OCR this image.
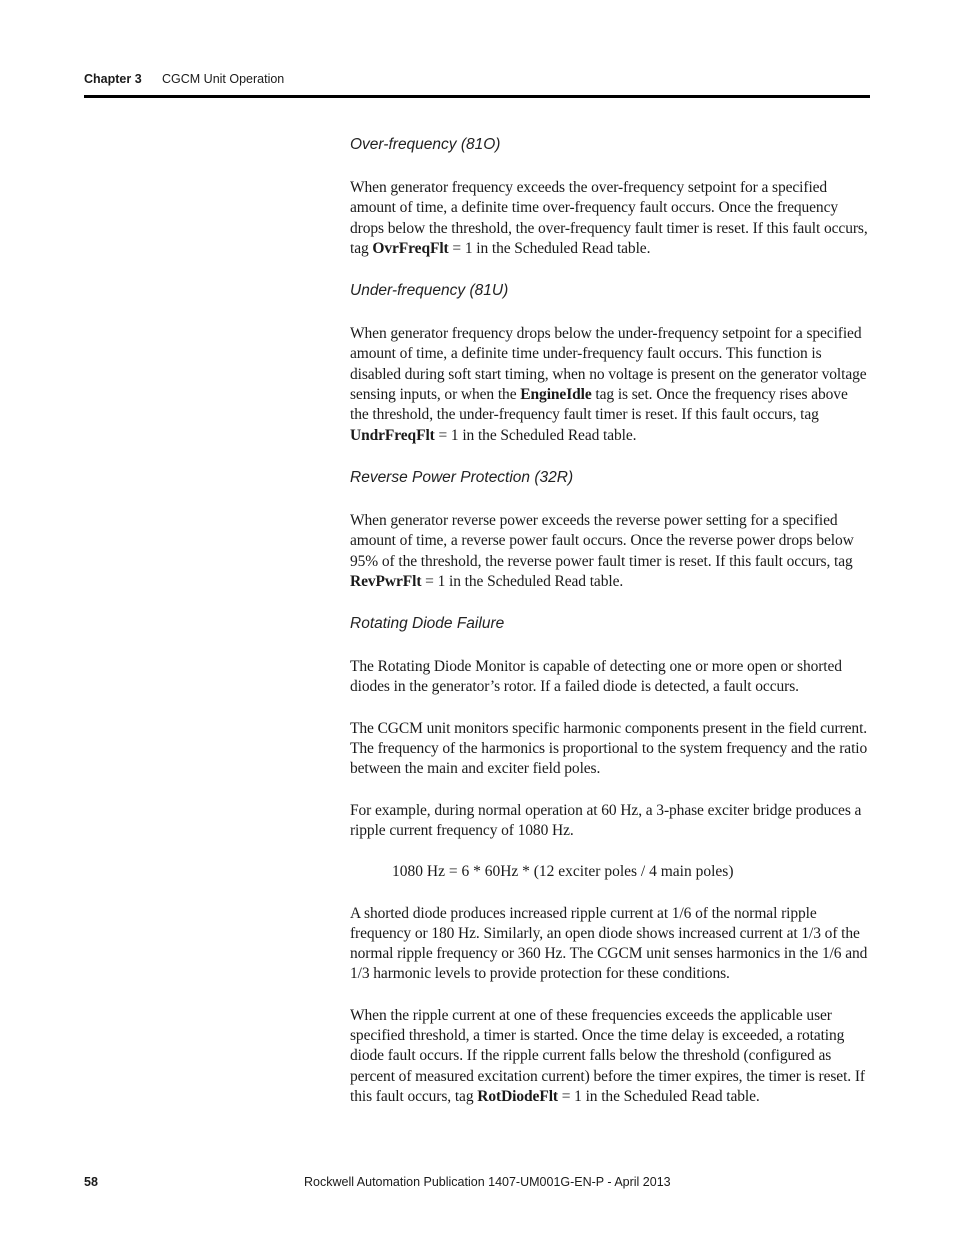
Chapter 3 CGCM Unit Operation
Over-frequency (81O)

When generator frequency exceeds the over-frequency setpoint for a specified amount of time, a definite time over-frequency fault occurs. Once the frequency drops below the threshold, the over-frequency fault timer is reset. If this fault occurs, tag OvrFreqFlt = 1 in the Scheduled Read table.

Under-frequency (81U)

When generator frequency drops below the under-frequency setpoint for a specified amount of time, a definite time under-frequency fault occurs. This function is disabled during soft start timing, when no voltage is present on the generator voltage sensing inputs, or when the EngineIdle tag is set. Once the frequency rises above the threshold, the under-frequency fault timer is reset. If this fault occurs, tag UndrFreqFlt = 1 in the Scheduled Read table.

Reverse Power Protection (32R)

When generator reverse power exceeds the reverse power setting for a specified amount of time, a reverse power fault occurs. Once the reverse power drops below 95% of the threshold, the reverse power fault timer is reset. If this fault occurs, tag RevPwrFlt = 1 in the Scheduled Read table.

Rotating Diode Failure

The Rotating Diode Monitor is capable of detecting one or more open or shorted diodes in the generator’s rotor. If a failed diode is detected, a fault occurs.

The CGCM unit monitors specific harmonic components present in the field current. The frequency of the harmonics is proportional to the system frequency and the ratio between the main and exciter field poles.

For example, during normal operation at 60 Hz, a 3-phase exciter bridge produces a ripple current frequency of 1080 Hz.

1080 Hz = 6 * 60Hz * (12 exciter poles / 4 main poles)

A shorted diode produces increased ripple current at 1/6 of the normal ripple frequency or 180 Hz. Similarly, an open diode shows increased current at 1/3 of the normal ripple frequency or 360 Hz. The CGCM unit senses harmonics in the 1/6 and 1/3 harmonic levels to provide protection for these conditions.

When the ripple current at one of these frequencies exceeds the applicable user specified threshold, a timer is started. Once the time delay is exceeded, a rotating diode fault occurs. If the ripple current falls below the threshold (configured as percent of measured excitation current) before the timer expires, the timer is reset. If this fault occurs, tag RotDiodeFlt = 1 in the Scheduled Read table.

58	Rockwell Automation Publication 1407-UM001G-EN-P - April 2013
